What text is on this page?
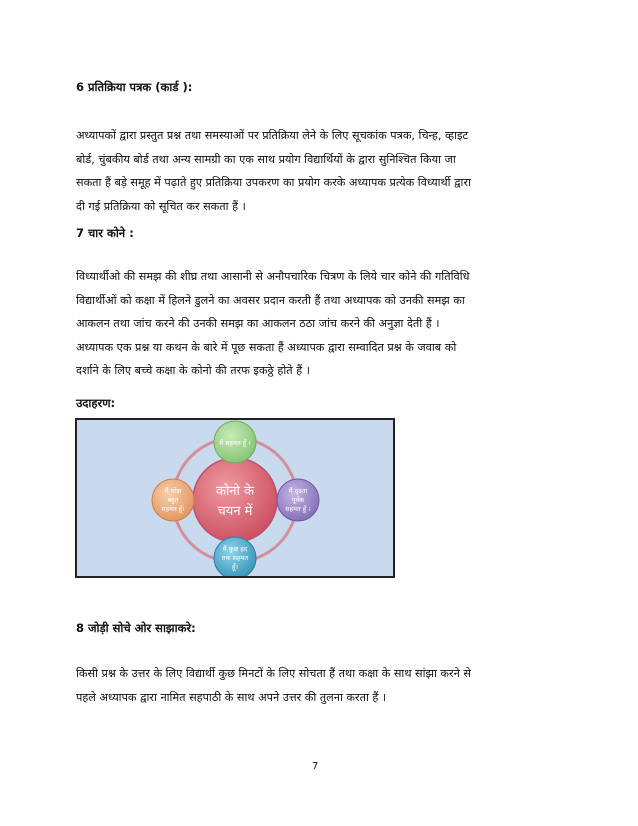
6 प्रतिक्रिया पत्रक (कार्ड ):

अध्यापकों द्वारा प्रस्तुत प्रश्न तथा समस्याओं पर प्रतिक्रिया लेने के लिए सूचकांक पत्रक, चिन्ह, व्हाइट

बोर्ड, चुंबकीय बोर्ड तथा अन्य सामग्री का एक साथ प्रयोग विद्यार्थियों के द्वारा सुनिश्चित किया जा

सकता हैं बड़े समूह में पढ़ाते हुए प्रतिक्रिया उपकरण का प्रयोग करके अध्यापक प्रत्येक विध्यार्थी द्वारा

दी गई प्रतिक्रिया को सूचित कर सकता हैं ।

7 चार कोने :

विध्यार्थीओ की समझ की शीघ्र तथा आसानी से अनौपचारिक चित्रण के लिये चार कोने की गतिविधि

विद्यार्थीओं को कक्षा में हिलने डुलने का अवसर प्रदान करती हैं तथा अध्यापक को उनकी समझ का

आकलन तथा जांच करने की उनकी समझ का आकलन ठठा जांच करने की अनुज्ञा देती हैं ।

अध्यापक एक प्रश्न या कथन के बारे में पूछ सकता हैं अध्यापक द्वारा सम्वादित प्रश्न के जवाब को

दर्शाने के लिए बच्चे कक्षा के कोनो की तरफ इकठ्ठे होते हैं ।

उदाहरण:
कोनो के
चयन में
मैं सहमत हूँ ।
मैं दृढता
पूर्वक
सहमत हूँ ।
मैं कुछ हद
तक सहमत
हूँ।
मैं थोड़ा
बहुत
सहमत हूँ।
8 जोड़ी सोचे ओर साझाकरे:

किसी प्रश्न के उत्तर के लिए विद्यार्थी कुछ मिनटों के लिए सोचता हैं तथा कक्षा के साथ सांझा करने से

पहले अध्यापक द्वारा नामित सहपाठी के साथ अपने उत्तर की तुलना करता हैं ।

7
